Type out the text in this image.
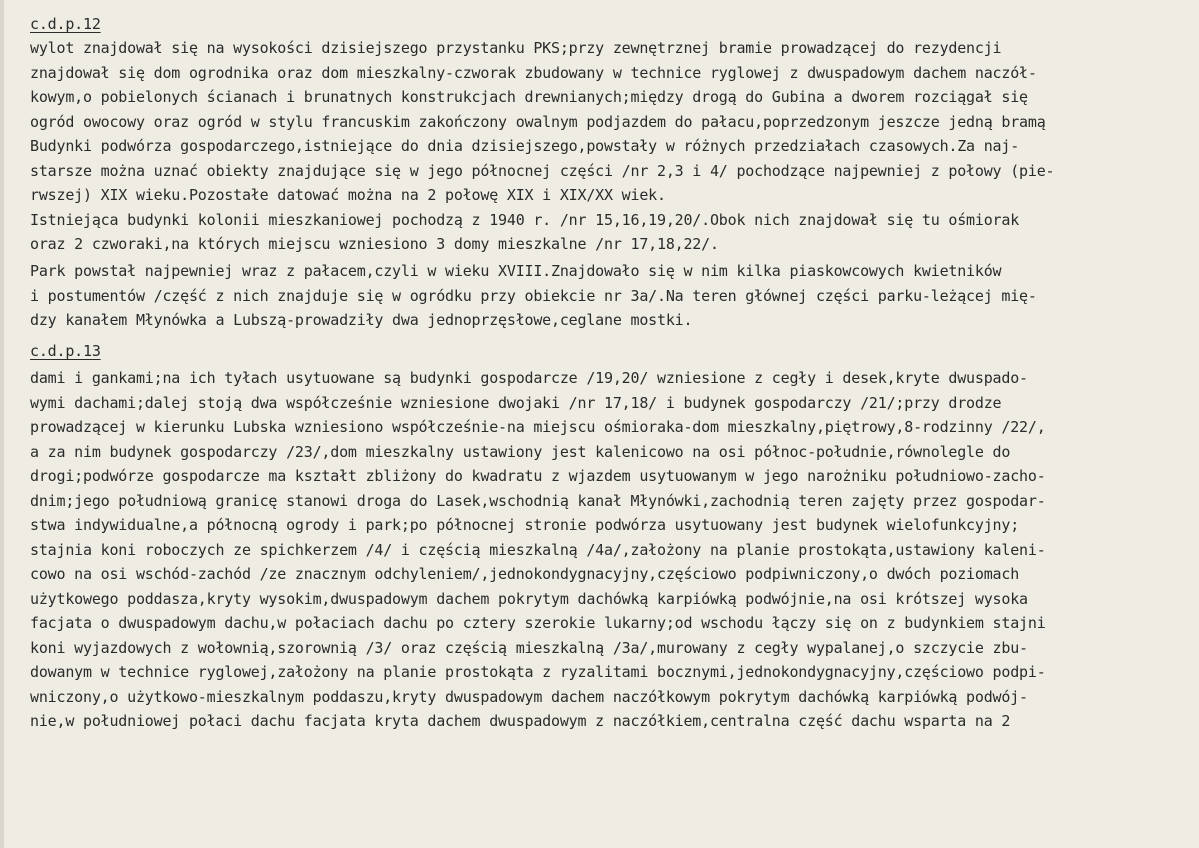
c.d.p.12
wylot znajdował się na wysokości dzisiejszego przystanku PKS;przy zewnętrznej bramie prowadzącej do rezydencji
znajdował się dom ogrodnika oraz dom mieszkalny-czworak zbudowany w technice ryglowej z dwuspadowym dachem naczół-
kowym,o pobielonych ścianach i brunatnych konstrukcjach drewnianych;między drogą do Gubina a dworem rozciągał się
ogród owocowy oraz ogród w stylu francuskim zakończony owalnym podjazdem do pałacu,poprzedzonym jeszcze jedną bramą
Budynki podwórza gospodarczego,istniejące do dnia dzisiejszego,powstały w różnych przedziałach czasowych.Za naj-
starsze można uznać obiekty znajdujące się w jego północnej części /nr 2,3 i 4/ pochodzące najpewniej z połowy (pie-
rwszej) XIX wieku.Pozostałe datować można na 2 połowę XIX i XIX/XX wiek.
Istniejąca budynki kolonii mieszkaniowej pochodzą z 1940 r. /nr 15,16,19,20/.Obok nich znajdował się tu ośmiorak
oraz 2 czworaki,na których miejscu wzniesiono 3 domy mieszkalne /nr 17,18,22/.
Park powstał najpewniej wraz z pałacem,czyli w wieku XVIII.Znajdowało się w nim kilka piaskowcowych kwietników
i postumentów /część z nich znajduje się w ogródku przy obiekcie nr 3a/.Na teren głównej części parku-leżącej mię-
dzy kanałem Młynówka a Lubszą-prowadziły dwa jednoprzęsłowe,ceglane mostki.
c.d.p.13
dami i gankami;na ich tyłach usytuowane są budynki gospodarcze /19,20/ wzniesione z cegły i desek,kryte dwuspado-
wymi dachami;dalej stoją dwa współcześnie wzniesione dwojaki /nr 17,18/ i budynek gospodarczy /21/;przy drodze
prowadzącej w kierunku Lubska wzniesiono współcześnie-na miejscu ośmioraka-dom mieszkalny,piętrowy,8-rodzinny /22/,
a za nim budynek gospodarczy /23/,dom mieszkalny ustawiony jest kalenicowo na osi północ-południe,równolegle do
drogi;podwórze gospodarcze ma kształt zbliżony do kwadratu z wjazdem usytuowanym w jego narożniku południowo-zacho-
dnim;jego południową granicę stanowi droga do Lasek,wschodnią kanał Młynówki,zachodnią teren zajęty przez gospodar-
stwa indywidualne,a północną ogrody i park;po północnej stronie podwórza usytuowany jest budynek wielofunkcyjny;
stajnia koni roboczych ze spichkerzem /4/ i częścią mieszkalną /4a/,założony na planie prostokąta,ustawiony kaleni-
cowo na osi wschód-zachód /ze znacznym odchyleniem/,jednokondygnacyjny,częściowo podpiwniczony,o dwóch poziomach
użytkowego poddasza,kryty wysokim,dwuspadowym dachem pokrytym dachówką karpiówką podwójnie,na osi krótszej wysoka
facjata o dwuspadowym dachu,w połaciach dachu po cztery szerokie lukarny;od wschodu łączy się on z budynkiem stajni
koni wyjazdowych z wołownią,szorownią /3/ oraz częścią mieszkalną /3a/,murowany z cegły wypalanej,o szczycie zbu-
dowanym w technice ryglowej,założony na planie prostokąta z ryzalitami bocznymi,jednokondygnacyjny,częściowo podpi-
wniczony,o użytkowo-mieszkalnym poddaszu,kryty dwuspadowym dachem naczółkowym pokrytym dachówką karpiówką podwój-
nie,w południowej połaci dachu facjata kryta dachem dwuspadowym z naczółkiem,centralna część dachu wsparta na 2
